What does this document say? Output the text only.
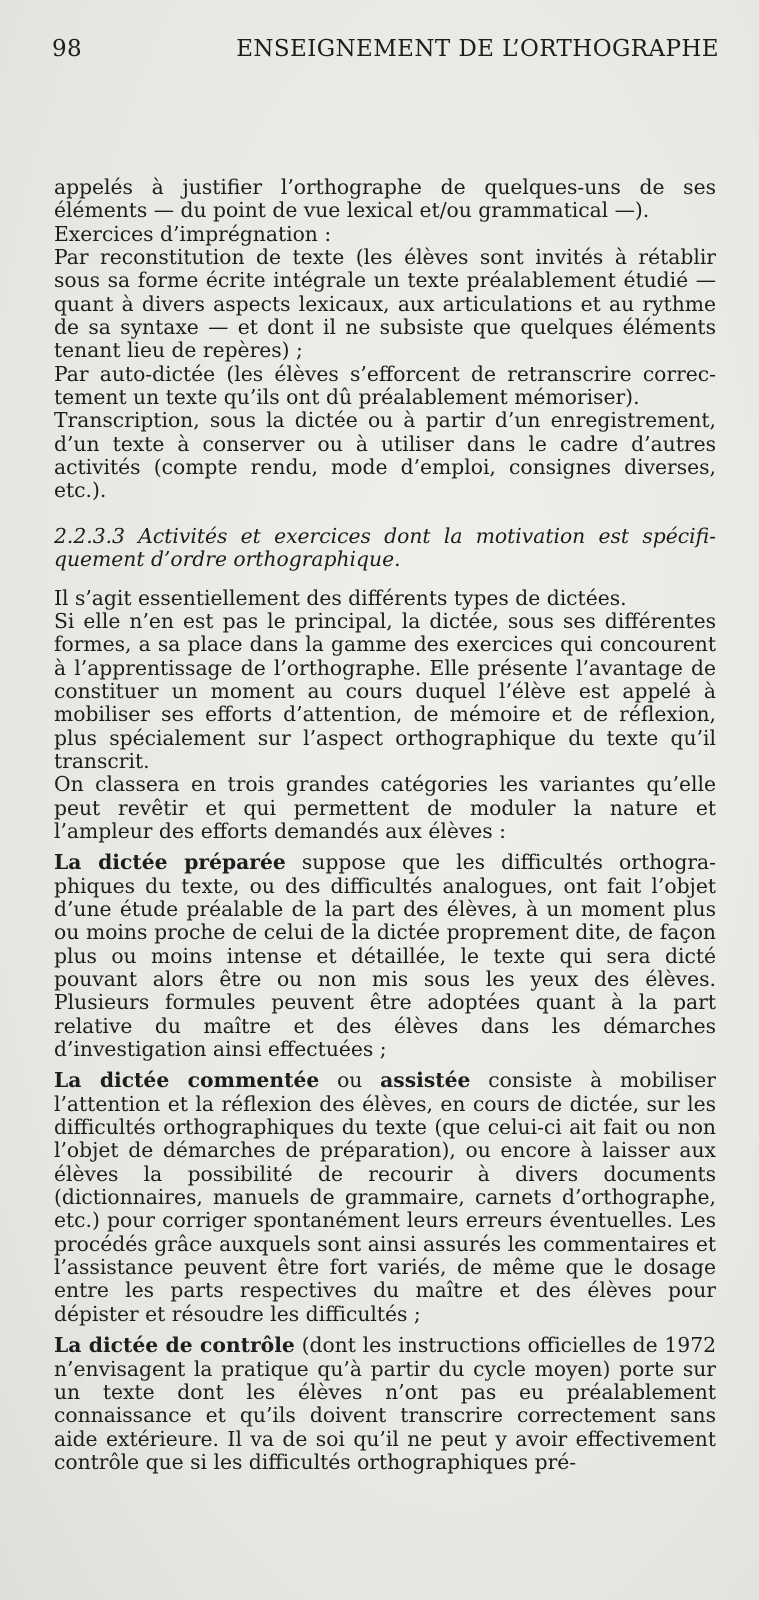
98	ENSEIGNEMENT DE L’ORTHOGRAPHE

appelés à justifier l’orthographe de quelques-uns de ses éléments — du point de vue lexical et/ou grammatical —).

Exercices d’imprégnation :

Par reconstitution de texte (les élèves sont invités à rétablir sous sa forme écrite intégrale un texte préalablement étudié — quant à divers aspects lexicaux, aux articulations et au rythme de sa syntaxe — et dont il ne subsiste que quelques éléments tenant lieu de repères) ;

Par auto-dictée (les élèves s’efforcent de retranscrire correctement un texte qu’ils ont dû préalablement mémoriser).

Transcription, sous la dictée ou à partir d’un enregistrement, d’un texte à conserver ou à utiliser dans le cadre d’autres activités (compte rendu, mode d’emploi, consignes diverses, etc.).

2.2.3.3 Activités et exercices dont la motivation est spécifiquement d’ordre orthographique.

Il s’agit essentiellement des différents types de dictées.

Si elle n’en est pas le principal, la dictée, sous ses différentes formes, a sa place dans la gamme des exercices qui concourent à l’apprentissage de l’orthographe. Elle présente l’avantage de constituer un moment au cours duquel l’élève est appelé à mobiliser ses efforts d’attention, de mémoire et de réflexion, plus spécialement sur l’aspect orthographique du texte qu’il transcrit.

On classera en trois grandes catégories les variantes qu’elle peut revêtir et qui permettent de moduler la nature et l’ampleur des efforts demandés aux élèves :

La dictée préparée suppose que les difficultés orthographiques du texte, ou des difficultés analogues, ont fait l’objet d’une étude préalable de la part des élèves, à un moment plus ou moins proche de celui de la dictée proprement dite, de façon plus ou moins intense et détaillée, le texte qui sera dicté pouvant alors être ou non mis sous les yeux des élèves. Plusieurs formules peuvent être adoptées quant à la part relative du maître et des élèves dans les démarches d’investigation ainsi effectuées ;

La dictée commentée ou assistée consiste à mobiliser l’attention et la réflexion des élèves, en cours de dictée, sur les difficultés orthographiques du texte (que celui-ci ait fait ou non l’objet de démarches de préparation), ou encore à laisser aux élèves la possibilité de recourir à divers documents (dictionnaires, manuels de grammaire, carnets d’orthographe, etc.) pour corriger spontanément leurs erreurs éventuelles. Les procédés grâce auxquels sont ainsi assurés les commentaires et l’assistance peuvent être fort variés, de même que le dosage entre les parts respectives du maître et des élèves pour dépister et résoudre les difficultés ;

La dictée de contrôle (dont les instructions officielles de 1972 n’envisagent la pratique qu’à partir du cycle moyen) porte sur un texte dont les élèves n’ont pas eu préalablement connaissance et qu’ils doivent transcrire correctement sans aide extérieure. Il va de soi qu’il ne peut y avoir effectivement contrôle que si les difficultés orthographiques pré-
